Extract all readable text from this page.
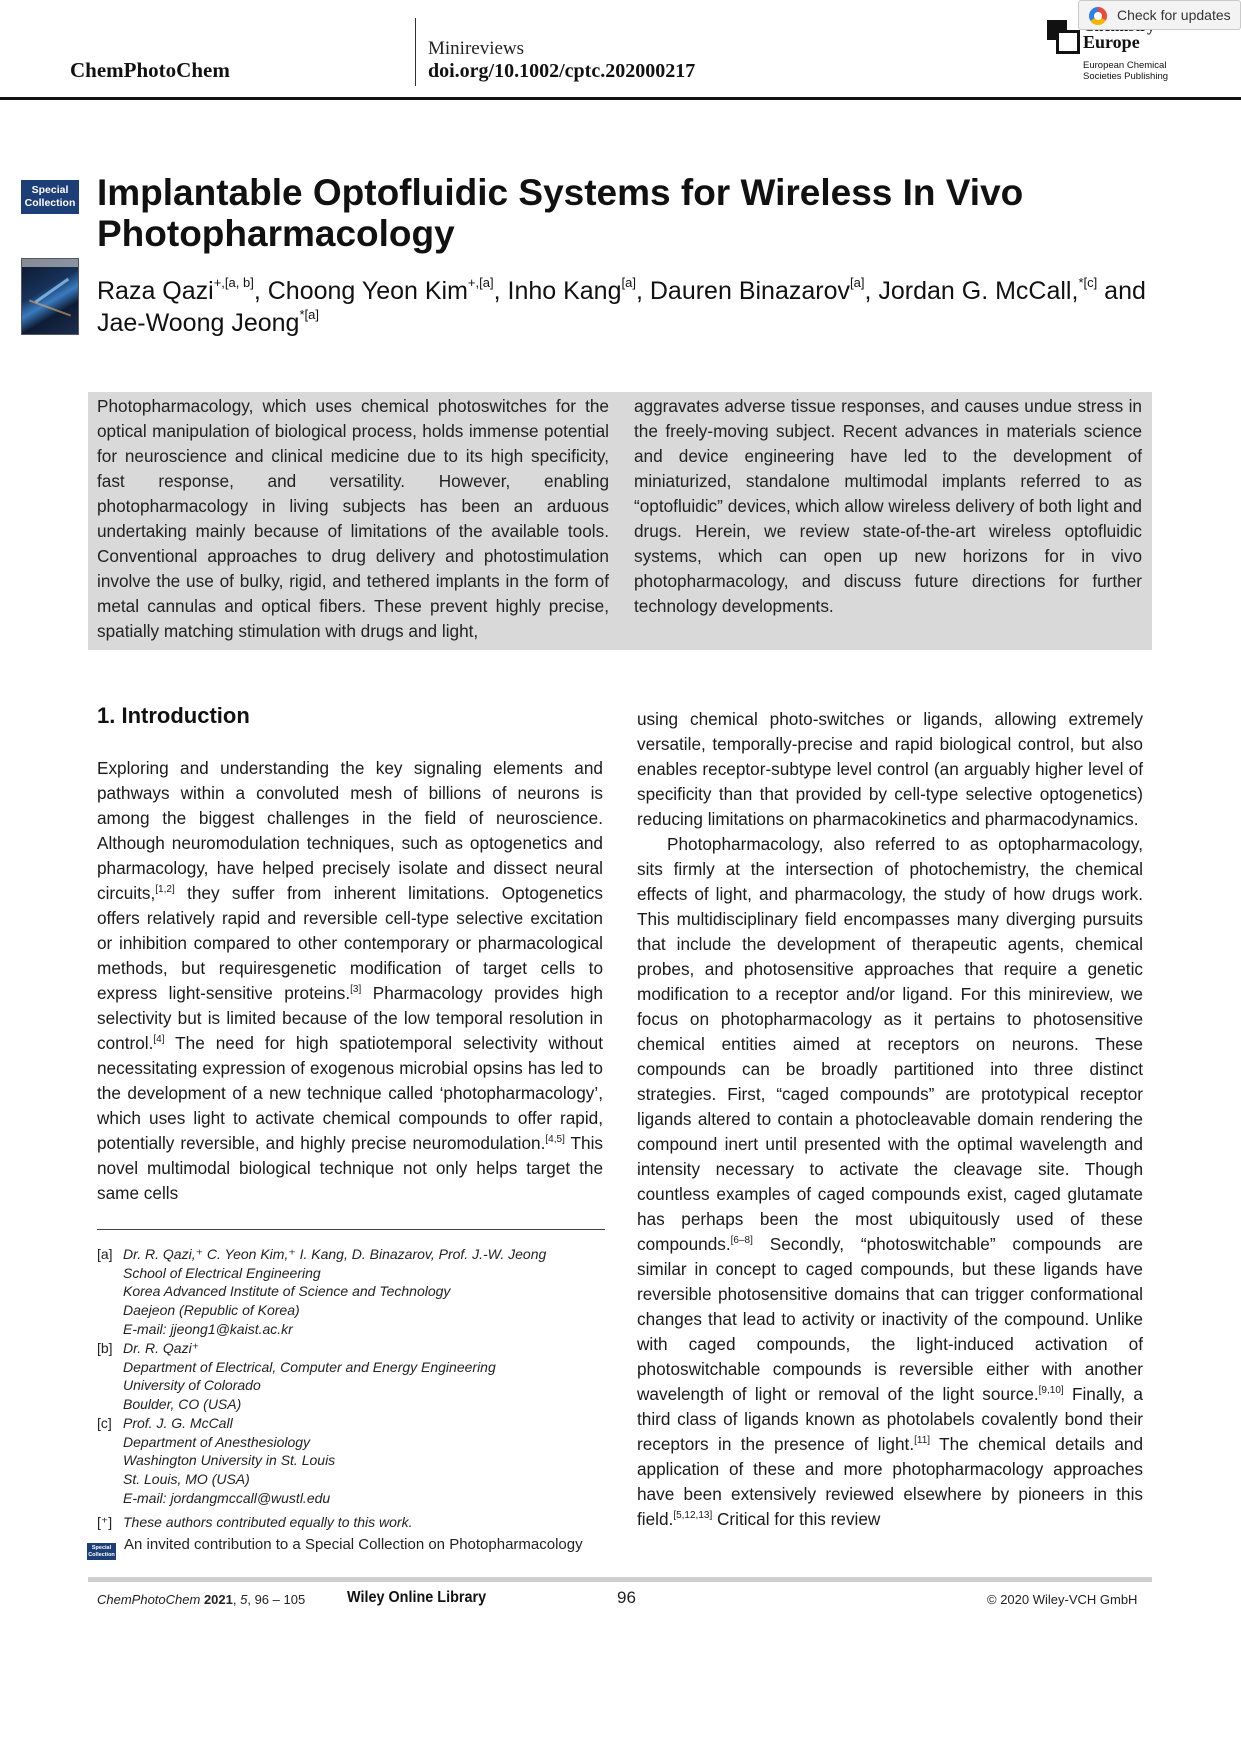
ChemPhotoChem
Minireviews
doi.org/10.1002/cptc.202000217
Europe
European Chemical
Societies Publishing
Check for updates
Special
Collection Implantable Optofluidic Systems for Wireless In Vivo Photopharmacology
Raza Qazi$^{+,[a, b]}$, Choong Yeon Kim$^{+,[a]}$, Inho Kang[a], Dauren Binazarov[a], Jordan G. McCall,$^{*[c]}$ and Jae-Woong Jeong$^{*[a]}$
Photopharmacology, which uses chemical photoswitches for the optical manipulation of biological process, holds immense potential for neuroscience and clinical medicine due to its high specificity, fast response, and versatility. However, enabling photopharmacology in living subjects has been an arduous undertaking mainly because of limitations of the available tools. Conventional approaches to drug delivery and photostimulation involve the use of bulky, rigid, and tethered implants in the form of metal cannulas and optical fibers. These prevent highly precise, spatially matching stimulation with drugs and light,
aggravates adverse tissue responses, and causes undue stress in the freely-moving subject. Recent advances in materials science and device engineering have led to the development of miniaturized, standalone multimodal implants referred to as “optofluidic” devices, which allow wireless delivery of both light and drugs. Herein, we review state-of-the-art wireless optofluidic systems, which can open up new horizons for in vivo photopharmacology, and discuss future directions for further technology developments.
1. Introduction

Exploring and understanding the key signaling elements and pathways within a convoluted mesh of billions of neurons is among the biggest challenges in the field of neuroscience. Although neuromodulation techniques, such as optogenetics and pharmacology, have helped precisely isolate and dissect neural circuits,[1,2] they suffer from inherent limitations. Optogenetics offers relatively rapid and reversible cell-type selective excitation or inhibition compared to other contemporary or pharmacological methods, but requiresgenetic modification of target cells to express light-sensitive proteins.[3] Pharmacology provides high selectivity but is limited because of the low temporal resolution in control.[4] The need for high spatiotemporal selectivity without necessitating expression of exogenous microbial opsins has led to the development of a new technique called ‘photopharmacology’, which uses light to activate chemical compounds to offer rapid, potentially reversible, and highly precise neuromodulation.[4,5] This novel multimodal biological technique not only helps target the same cells

using chemical photo-switches or ligands, allowing extremely versatile, temporally-precise and rapid biological control, but also enables receptor-subtype level control (an arguably higher level of specificity than that provided by cell-type selective optogenetics) reducing limitations on pharmacokinetics and pharmacodynamics.

Photopharmacology, also referred to as optopharmacology, sits firmly at the intersection of photochemistry, the chemical effects of light, and pharmacology, the study of how drugs work. This multidisciplinary field encompasses many diverging pursuits that include the development of therapeutic agents, chemical probes, and photosensitive approaches that require a genetic modification to a receptor and/or ligand. For this minireview, we focus on photopharmacology as it pertains to photosensitive chemical entities aimed at receptors on neurons. These compounds can be broadly partitioned into three distinct strategies. First, “caged compounds” are prototypical receptor ligands altered to contain a photocleavable domain rendering the compound inert until presented with the optimal wavelength and intensity necessary to activate the cleavage site. Though countless examples of caged compounds exist, caged glutamate has perhaps been the most ubiquitously used of these compounds.[6–8] Secondly, “photoswitchable” compounds are similar in concept to caged compounds, but these ligands have reversible photosensitive domains that can trigger conformational changes that lead to activity or inactivity of the compound. Unlike with caged compounds, the light-induced activation of photoswitchable compounds is reversible either with another wavelength of light or removal of the light source.[9,10] Finally, a third class of ligands known as photolabels covalently bond their receptors in the presence of light.[11] The chemical details and application of these and more photopharmacology approaches have been extensively reviewed elsewhere by pioneers in this field.[5,12,13] Critical for this review

[a] Dr. R. Qazi,⁺ C. Yeon Kim,⁺ I. Kang, D. Binazarov, Prof. J.-W. Jeong
School of Electrical Engineering
Korea Advanced Institute of Science and Technology
Daejeon (Republic of Korea)
E-mail: jjeong1@kaist.ac.kr
[b] Dr. R. Qazi⁺
Department of Electrical, Computer and Energy Engineering
University of Colorado
Boulder, CO (USA)
[c] Prof. J. G. McCall
Department of Anesthesiology
Washington University in St. Louis
St. Louis, MO (USA)
E-mail: jordangmccall@wustl.edu
[⁺] These authors contributed equally to this work.
Special
Collection
An invited contribution to a Special Collection on Photopharmacology
ChemPhotoChem 2021, 5, 96 – 105	Wiley Online Library	96	© 2020 Wiley-VCH GmbH
